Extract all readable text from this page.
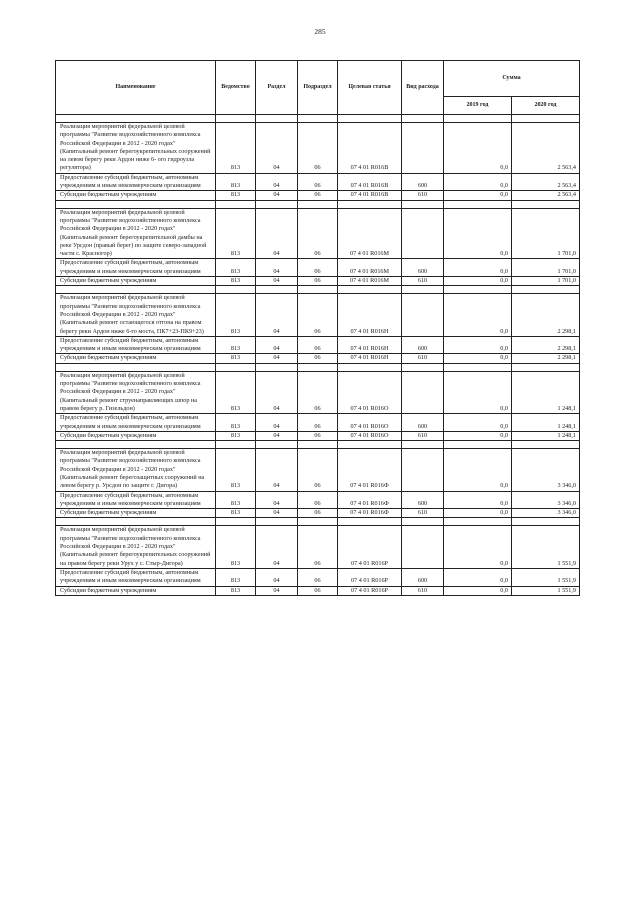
285
Наименование	Ведомство	Раздел	Подраздел	Целевая статья	Вид расхода	Сумма	
						2019 год	2020 год

Реализация мероприятий федеральной целевой программы "Развитие водохозяйственного комплекса Российской Федерации в 2012 - 2020 годах" (Капитальный ремонт берегоукрепительных сооружений на левом берегу реки Ардон ниже 6- ого гидроузла регулятора)	813	04	06	07 4 01 R016В		0,0	2 563,4
Предоставление субсидий бюджетным, автономным учреждениям и иным некоммерческим организациям	813	04	06	07 4 01 R016В	600	0,0	2 563,4
Субсидии бюджетным учреждениям	813	04	06	07 4 01 R016В	610	0,0	2 563,4

Реализация мероприятий федеральной целевой программы "Развитие водохозяйственного комплекса Российской Федерации в 2012 - 2020 годах" (Капитальный ремонт берегоукрепительной дамбы на реке Урсдон (правый берег) по защите северо-западной части с. Красногор)	813	04	06	07 4 01 R016М		0,0	1 701,0
Предоставление субсидий бюджетным, автономным учреждениям и иным некоммерческим организациям	813	04	06	07 4 01 R016М	600	0,0	1 701,0
Субсидии бюджетным учреждениям	813	04	06	07 4 01 R016М	610	0,0	1 701,0

Реализация мероприятий федеральной целевой программы "Развитие водохозяйственного комплекса Российской Федерации в 2012 - 2020 годах" (Капитальный ремонт остающегося отгона на правом берегу реки Ардон ниже 6-го моста, ПК7+23-ПК9+23)	813	04	06	07 4 01 R016Н		0,0	2 298,1
Предоставление субсидий бюджетным, автономным учреждениям и иным некоммерческим организациям	813	04	06	07 4 01 R016Н	600	0,0	2 298,1
Субсидии бюджетным учреждениям	813	04	06	07 4 01 R016Н	610	0,0	2 298,1

Реализация мероприятий федеральной целевой программы "Развитие водохозяйственного комплекса Российской Федерации в 2012 - 2020 годах" (Капитальный ремонт струенаправляющих шпор на правом берегу р. Гизельдон)	813	04	06	07 4 01 R016О		0,0	1 248,1
Предоставление субсидий бюджетным, автономным учреждениям и иным некоммерческим организациям	813	04	06	07 4 01 R016О	600	0,0	1 248,1
Субсидии бюджетным учреждениям	813	04	06	07 4 01 R016О	610	0,0	1 248,1

Реализация мероприятий федеральной целевой программы "Развитие водохозяйственного комплекса Российской Федерации в 2012 - 2020 годах" (Капитальный ремонт берегозащитных сооружений на левом берегу р. Урсдон по защите г. Дигора)	813	04	06	07 4 01 R016Ф		0,0	3 346,0
Предоставление субсидий бюджетным, автономным учреждениям и иным некоммерческим организациям	813	04	06	07 4 01 R016Ф	600	0,0	3 346,0
Субсидии бюджетным учреждениям	813	04	06	07 4 01 R016Ф	610	0,0	3 346,0

Реализация мероприятий федеральной целевой программы "Развитие водохозяйственного комплекса Российской Федерации в 2012 - 2020 годах" (Капитальный ремонт берегоукрепительных сооружений на правом берегу реки Урух у с. Стыр-Дигора)	813	04	06	07 4 01 R016Р		0,0	1 551,9
Предоставление субсидий бюджетным, автономным учреждениям и иным некоммерческим организациям	813	04	06	07 4 01 R016Р	600	0,0	1 551,9
Субсидии бюджетным учреждениям	813	04	06	07 4 01 R016Р	610	0,0	1 551,9
